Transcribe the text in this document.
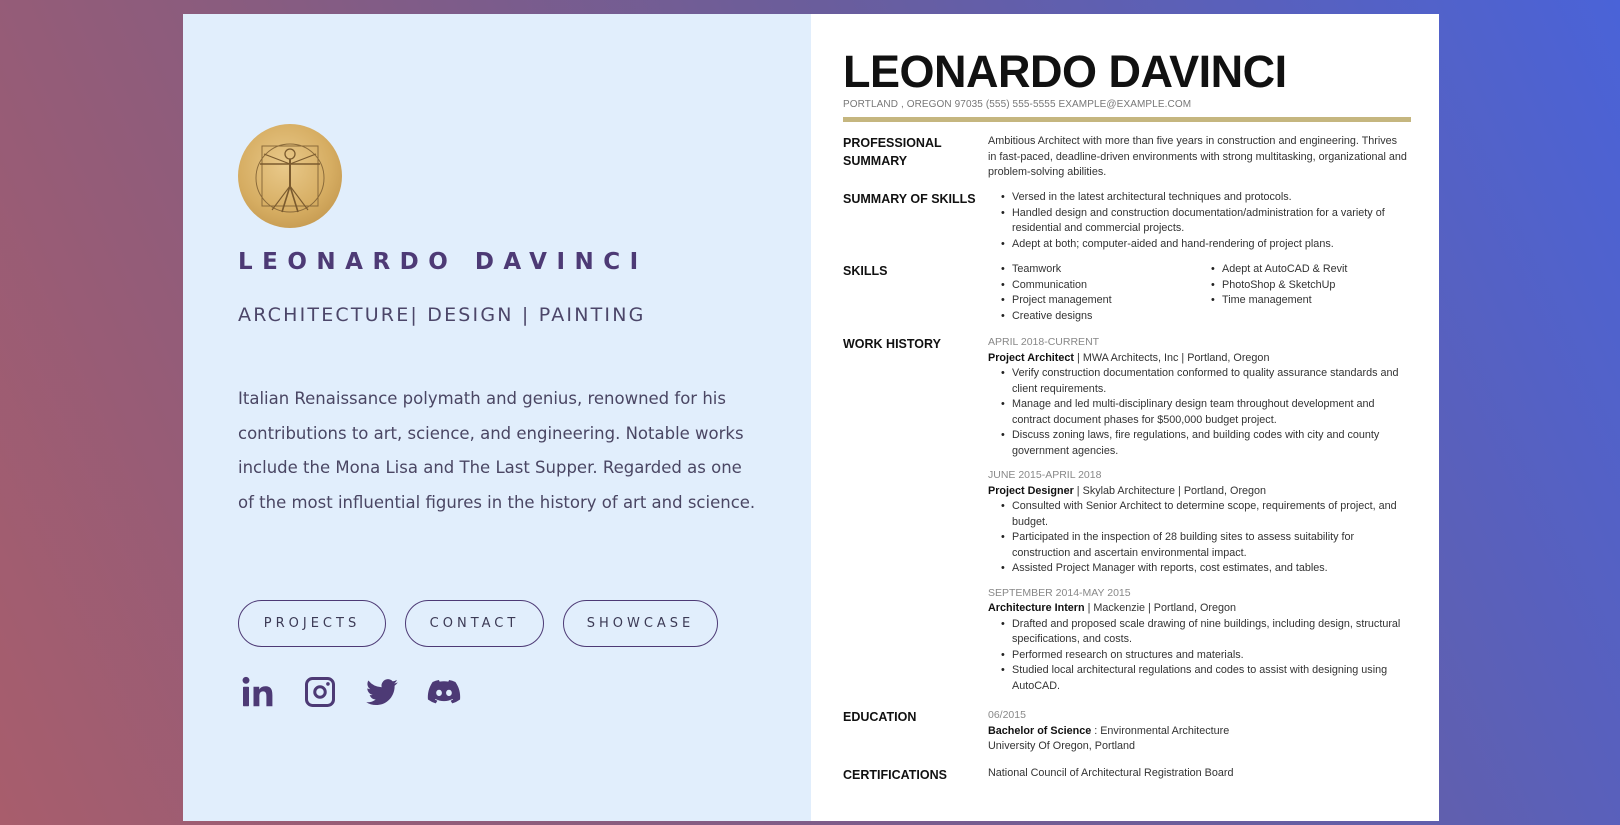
LEONARDO DAVINCI
ARCHITECTURE| DESIGN | PAINTING
Italian Renaissance polymath and genius, renowned for his contributions to art, science, and engineering. Notable works include the Mona Lisa and The Last Supper. Regarded as one of the most influential figures in the history of art and science.
PROJECTS	CONTACT	SHOWCASE
LEONARDO DAVINCI
PORTLAND , OREGON 97035 (555) 555-5555 EXAMPLE@EXAMPLE.COM
PROFESSIONAL SUMMARY
Ambitious Architect with more than five years in construction and engineering. Thrives in fast-paced, deadline-driven environments with strong multitasking, organizational and problem-solving abilities.
SUMMARY OF SKILLS	• Versed in the latest architectural techniques and protocols.
• Handled design and construction documentation/administration for a variety of residential and commercial projects.
• Adept at both; computer-aided and hand-rendering of project plans.
SKILLS	• Teamwork
• Communication
• Project management
• Creative designs
• Adept at AutoCAD & Revit
• PhotoShop & SketchUp
• Time management
WORK HISTORY	APRIL 2018-CURRENT
Project Architect | MWA Architects, Inc | Portland, Oregon
• Verify construction documentation conformed to quality assurance standards and client requirements.
• Manage and led multi-disciplinary design team throughout development and contract document phases for $500,000 budget project.
• Discuss zoning laws, fire regulations, and building codes with city and county government agencies.
JUNE 2015-APRIL 2018
Project Designer | Skylab Architecture | Portland, Oregon
• Consulted with Senior Architect to determine scope, requirements of project, and budget.
• Participated in the inspection of 28 building sites to assess suitability for construction and ascertain environmental impact.
• Assisted Project Manager with reports, cost estimates, and tables.
SEPTEMBER 2014-MAY 2015
Architecture Intern | Mackenzie | Portland, Oregon
• Drafted and proposed scale drawing of nine buildings, including design, structural specifications, and costs.
• Performed research on structures and materials.
• Studied local architectural regulations and codes to assist with designing using AutoCAD.
EDUCATION	06/2015
Bachelor of Science : Environmental Architecture
University Of Oregon, Portland
CERTIFICATIONS	National Council of Architectural Registration Board
